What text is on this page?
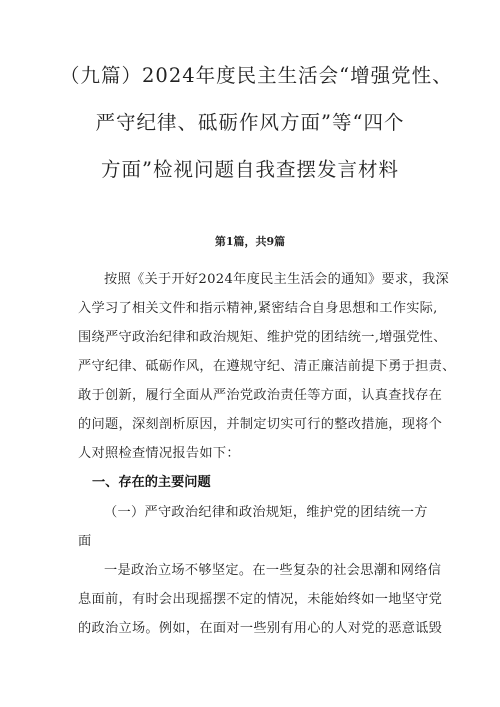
（九篇）2024年度民主生活会“增强党性、
严守纪律、砥砺作风方面”等“四个
方面”检视问题自我查摆发言材料
第1篇，共9篇
按照《关于开好2024年度民主生活会的通知》要求，我深
入学习了相关文件和指示精神,紧密结合自身思想和工作实际,
围绕严守政治纪律和政治规矩、维护党的团结统一,增强党性、
严守纪律、砥砺作风，在遵规守纪、清正廉洁前提下勇于担责、
敢于创新，履行全面从严治党政治责任等方面，认真查找存在
的问题，深刻剖析原因，并制定切实可行的整改措施，现将个
人对照检查情况报告如下：
一、存在的主要问题
（一）严守政治纪律和政治规矩，维护党的团结统一方
面
一是政治立场不够坚定。在一些复杂的社会思潮和网络信
息面前，有时会出现摇摆不定的情况，未能始终如一地坚守党
的政治立场。例如，在面对一些别有用心的人对党的恶意诋毁
